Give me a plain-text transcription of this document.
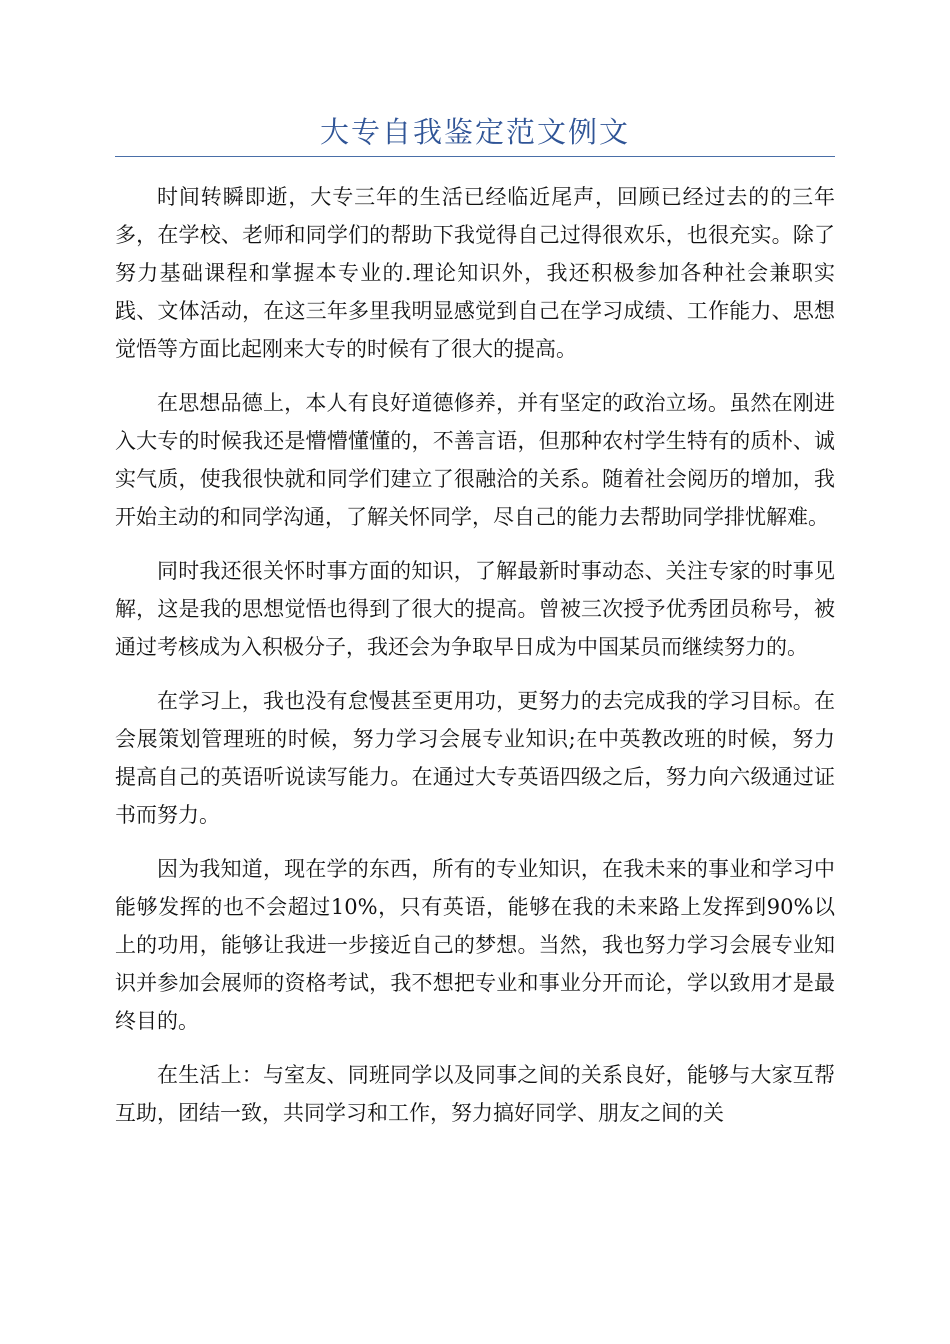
大专自我鉴定范文例文

时间转瞬即逝，大专三年的生活已经临近尾声，回顾已经过去的的三年多，在学校、老师和同学们的帮助下我觉得自己过得很欢乐，也很充实。除了努力基础课程和掌握本专业的.理论知识外，我还积极参加各种社会兼职实践、文体活动，在这三年多里我明显感觉到自己在学习成绩、工作能力、思想觉悟等方面比起刚来大专的时候有了很大的提高。

在思想品德上，本人有良好道德修养，并有坚定的政治立场。虽然在刚进入大专的时候我还是懵懵懂懂的，不善言语，但那种农村学生特有的质朴、诚实气质，使我很快就和同学们建立了很融洽的关系。随着社会阅历的增加，我开始主动的和同学沟通，了解关怀同学，尽自己的能力去帮助同学排忧解难。

同时我还很关怀时事方面的知识，了解最新时事动态、关注专家的时事见解，这是我的思想觉悟也得到了很大的提高。曾被三次授予优秀团员称号，被通过考核成为入积极分子，我还会为争取早日成为中国某员而继续努力的。

在学习上，我也没有怠慢甚至更用功，更努力的去完成我的学习目标。在会展策划管理班的时候，努力学习会展专业知识;在中英教改班的时候，努力提高自己的英语听说读写能力。在通过大专英语四级之后，努力向六级通过证书而努力。

因为我知道，现在学的东西，所有的专业知识，在我未来的事业和学习中能够发挥的也不会超过10%，只有英语，能够在我的未来路上发挥到90%以上的功用，能够让我进一步接近自己的梦想。当然，我也努力学习会展专业知识并参加会展师的资格考试，我不想把专业和事业分开而论，学以致用才是最终目的。

在生活上：与室友、同班同学以及同事之间的关系良好，能够与大家互帮互助，团结一致，共同学习和工作，努力搞好同学、朋友之间的关
